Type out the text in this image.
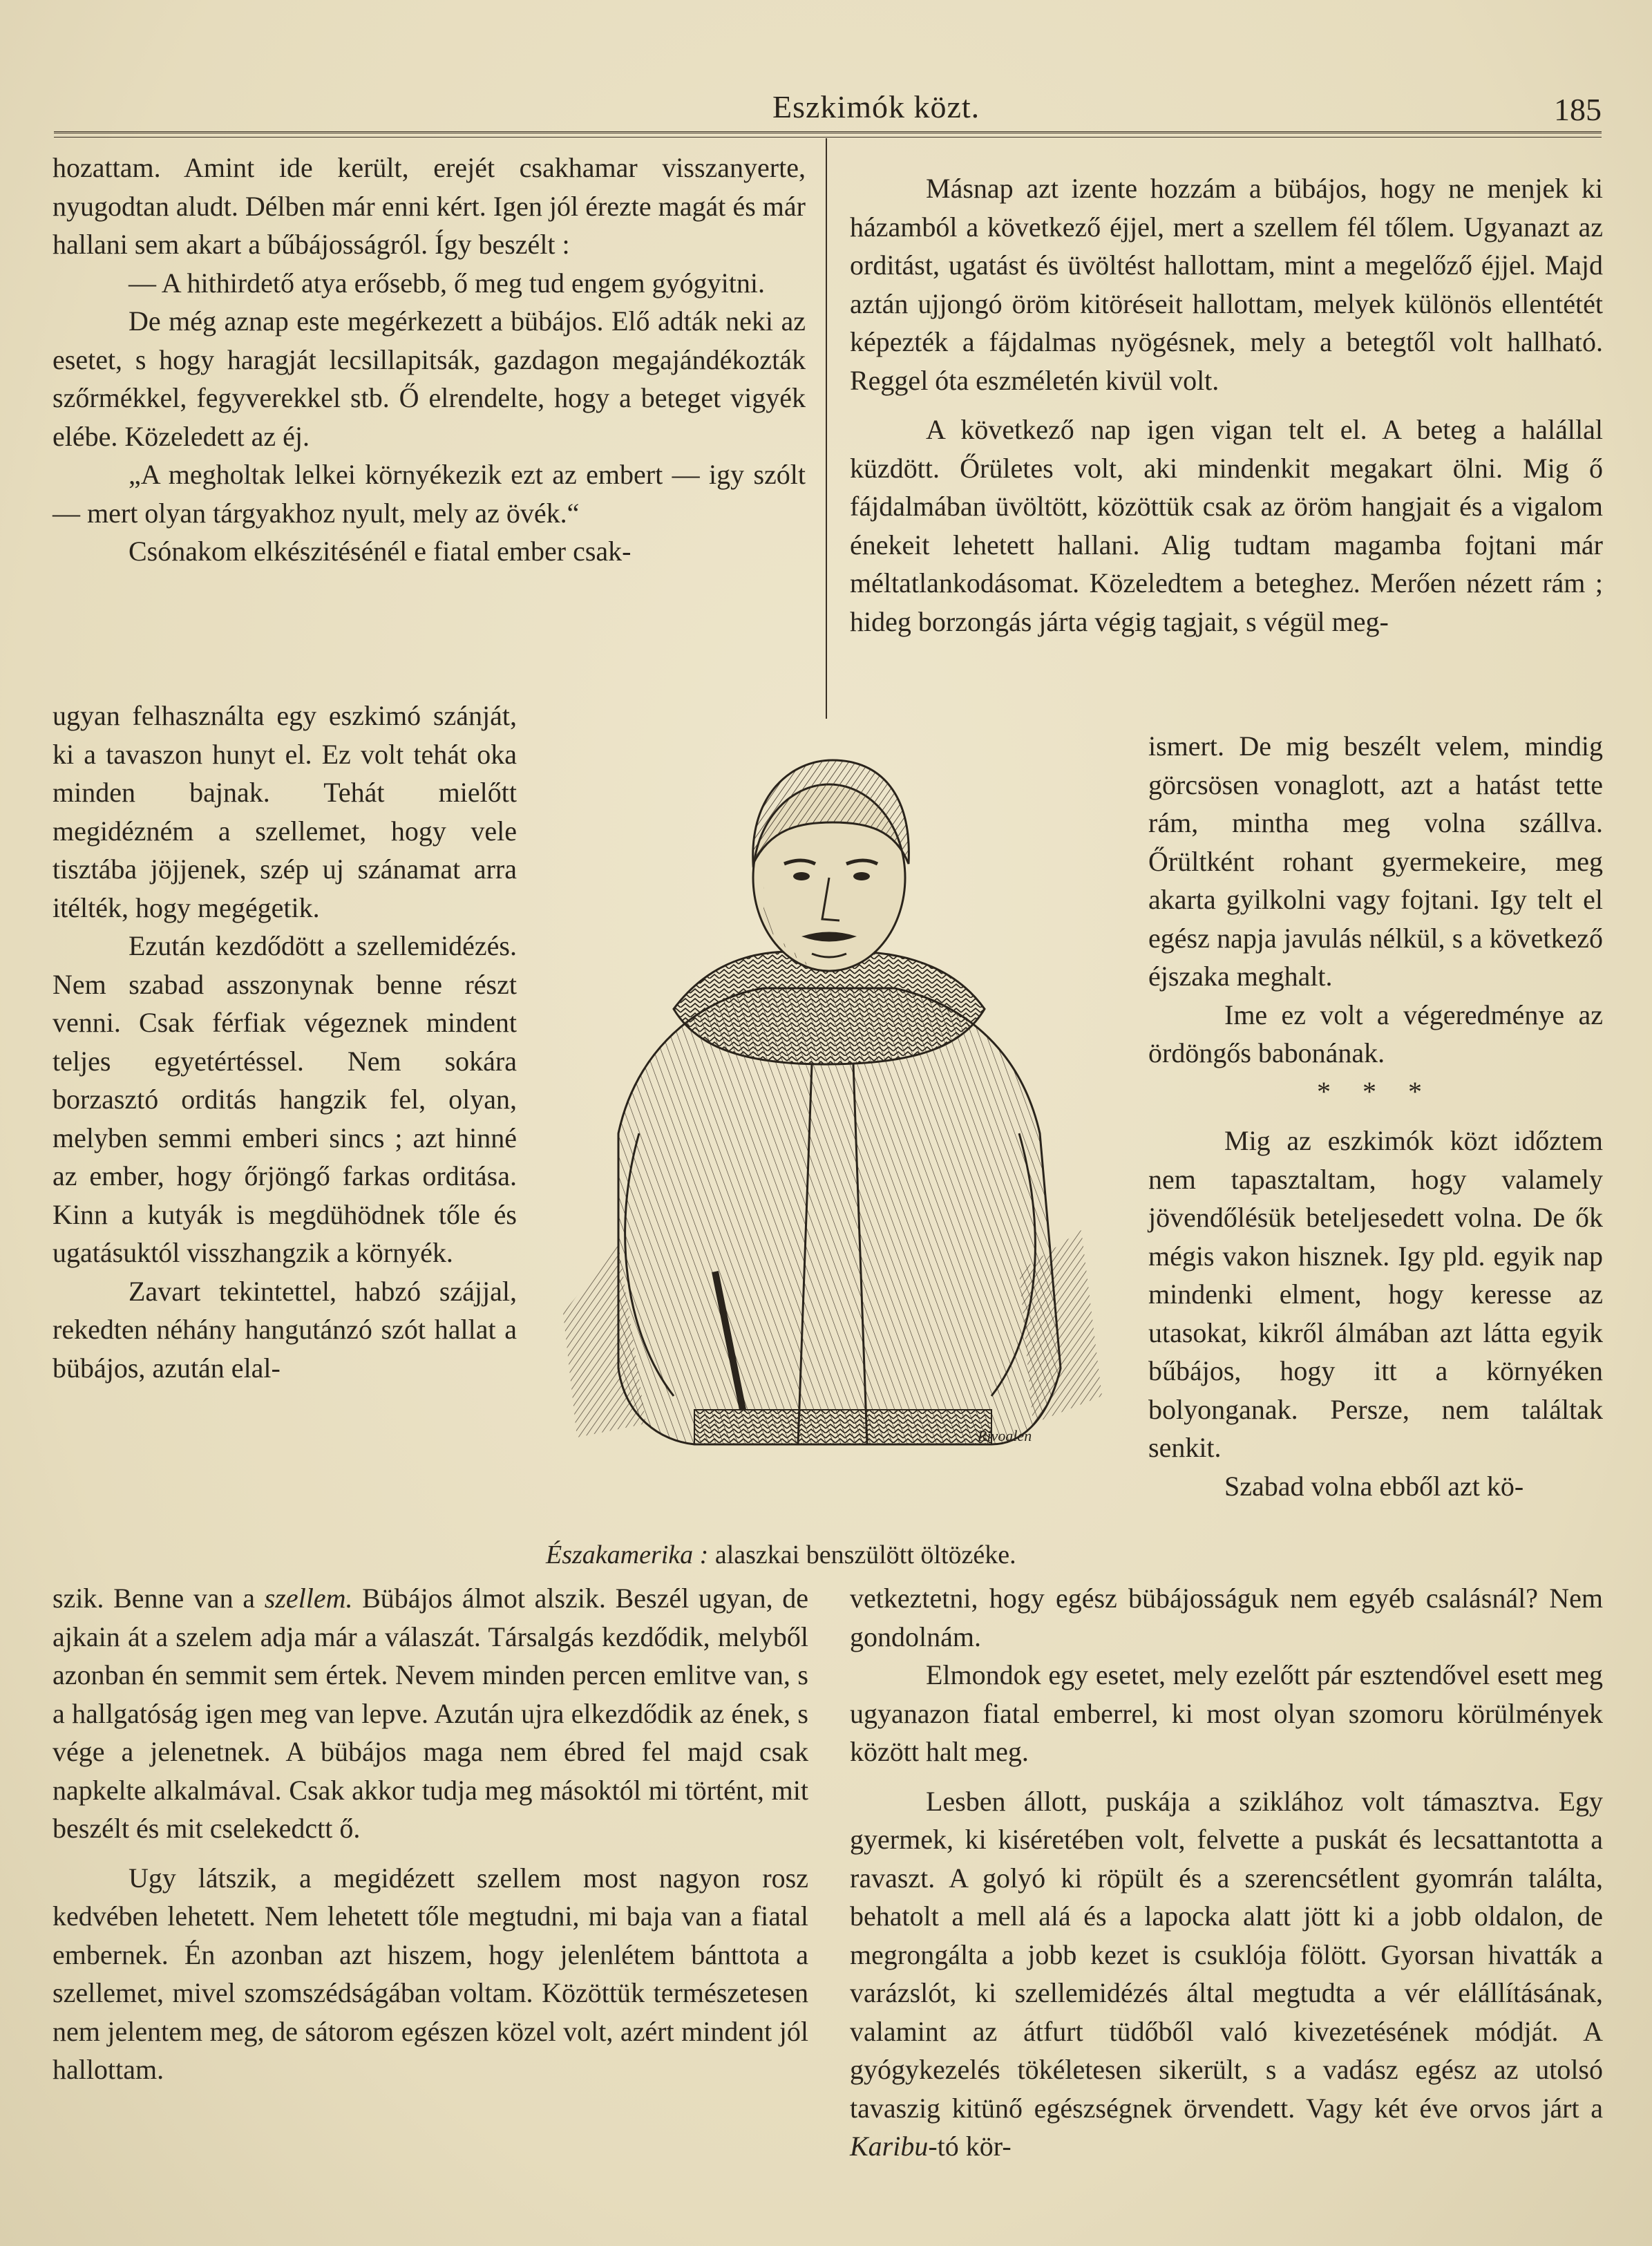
Eszkimók közt.	185

hozattam. Amint ide került, erejét csakhamar visszanyerte, nyugodtan aludt. Délben már enni kért. Igen jól érezte magát és már hallani sem akart a bűbájosságról. Így beszélt :

— A hithirdető atya erősebb, ő meg tud engem gyógyitni.

De még aznap este megérkezett a bübájos. Elő adták neki az esetet, s hogy haragját lecsillapitsák, gazdagon megajándékozták szőrmékkel, fegyverekkel stb. Ő elrendelte, hogy a beteget vigyék elébe. Közeledett az éj.

„A megholtak lelkei környékezik ezt az embert — igy szólt — mert olyan tárgyakhoz nyult, mely az övék.“

Csónakom elkészitésénél e fiatal ember csak-

ugyan felhasználta egy eszkimó szánját, ki a tavaszon hunyt el. Ez volt tehát oka minden bajnak. Tehát mielőtt megidézném a szellemet, hogy vele tisztába jöjjenek, szép uj szánamat arra itélték, hogy megégetik.

Ezután kezdődött a szellemidézés. Nem szabad asszonynak benne részt venni. Csak férfiak végeznek mindent teljes egyetértéssel. Nem sokára borzasztó orditás hangzik fel, olyan, melyben semmi emberi sincs ; azt hinné az ember, hogy őrjöngő farkas orditása. Kinn a kutyák is megdühödnek tőle és ugatásuktól visszhangzik a környék.

Zavart tekintettel, habzó szájjal, rekedten néhány hangutánzó szót hallat a bübájos, azután elal-

szik. Benne van a szellem. Bübájos álmot alszik. Beszél ugyan, de ajkain át a szelem adja már a válaszát. Társalgás kezdődik, melyből azonban én semmit sem értek. Nevem minden percen emlitve van, s a hallgatóság igen meg van lepve. Azután ujra elkezdődik az ének, s vége a jelenetnek. A bübájos maga nem ébred fel majd csak napkelte alkalmával. Csak akkor tudja meg másoktól mi történt, mit beszélt és mit cselekedctt ő.

Ugy látszik, a megidézett szellem most nagyon rosz kedvében lehetett. Nem lehetett tőle megtudni, mi baja van a fiatal embernek. Én azonban azt hiszem, hogy jelenlétem bánttota a szellemet, mivel szomszédságában voltam. Közöttük természetesen nem jelentem meg, de sátorom egészen közel volt, azért mindent jól hallottam.

Másnap azt izente hozzám a bübájos, hogy ne menjek ki házamból a következő éjjel, mert a szellem fél tőlem. Ugyanazt az orditást, ugatást és üvöltést hallottam, mint a megelőző éjjel. Majd aztán ujjongó öröm kitöréseit hallottam, melyek különös ellentétét képezték a fájdalmas nyögésnek, mely a betegtől volt hallható. Reggel óta eszméletén kivül volt.

A következő nap igen vigan telt el. A beteg a halállal küzdött. Őrületes volt, aki mindenkit megakart ölni. Mig ő fájdalmában üvöltött, közöttük csak az öröm hangjait és a vigalom énekeit lehetett hallani. Alig tudtam magamba fojtani már méltatlankodásomat. Közeledtem a beteghez. Merően nézett rám ; hideg borzongás járta végig tagjait, s végül meg-

ismert. De mig beszélt velem, mindig görcsösen vonaglott, azt a hatást tette rám, mintha meg volna szállva. Őrültként rohant gyermekeire, meg akarta gyilkolni vagy fojtani. Igy telt el egész napja javulás nélkül, s a következő éjszaka meghalt.

Ime ez volt a végeredménye az ördöngős babonának.

* * *

Mig az eszkimók közt időztem nem tapasztaltam, hogy valamely jövendőlésük beteljesedett volna. De ők mégis vakon hisznek. Igy pld. egyik nap mindenki elment, hogy keresse az utasokat, kikről álmában azt látta egyik bűbájos, hogy itt a környéken bolyonganak. Persze, nem találtak senkit.

Szabad volna ebből azt kö-

vetkeztetni, hogy egész bübájosságuk nem egyéb csalásnál? Nem gondolnám.

Elmondok egy esetet, mely ezelőtt pár esztendővel esett meg ugyanazon fiatal emberrel, ki most olyan szomoru körülmények között halt meg.

Lesben állott, puskája a sziklához volt támasztva. Egy gyermek, ki kiséretében volt, felvette a puskát és lecsattantotta a ravaszt. A golyó ki röpült és a szerencsétlent gyomrán találta, behatolt a mell alá és a lapocka alatt jött ki a jobb oldalon, de megrongálta a jobb kezet is csuklója fölött. Gyorsan hivatták a varázslót, ki szellemidézés által megtudta a vér elállításának, valamint az átfurt tüdőből való kivezetésének módját. A gyógykezelés tökéletesen sikerült, s a vadász egész az utolsó tavaszig kitünő egészségnek örvendett. Vagy két éve orvos járt a Karibu-tó kör-

Rivoalen
Északamerika : alaszkai benszülött öltözéke.
